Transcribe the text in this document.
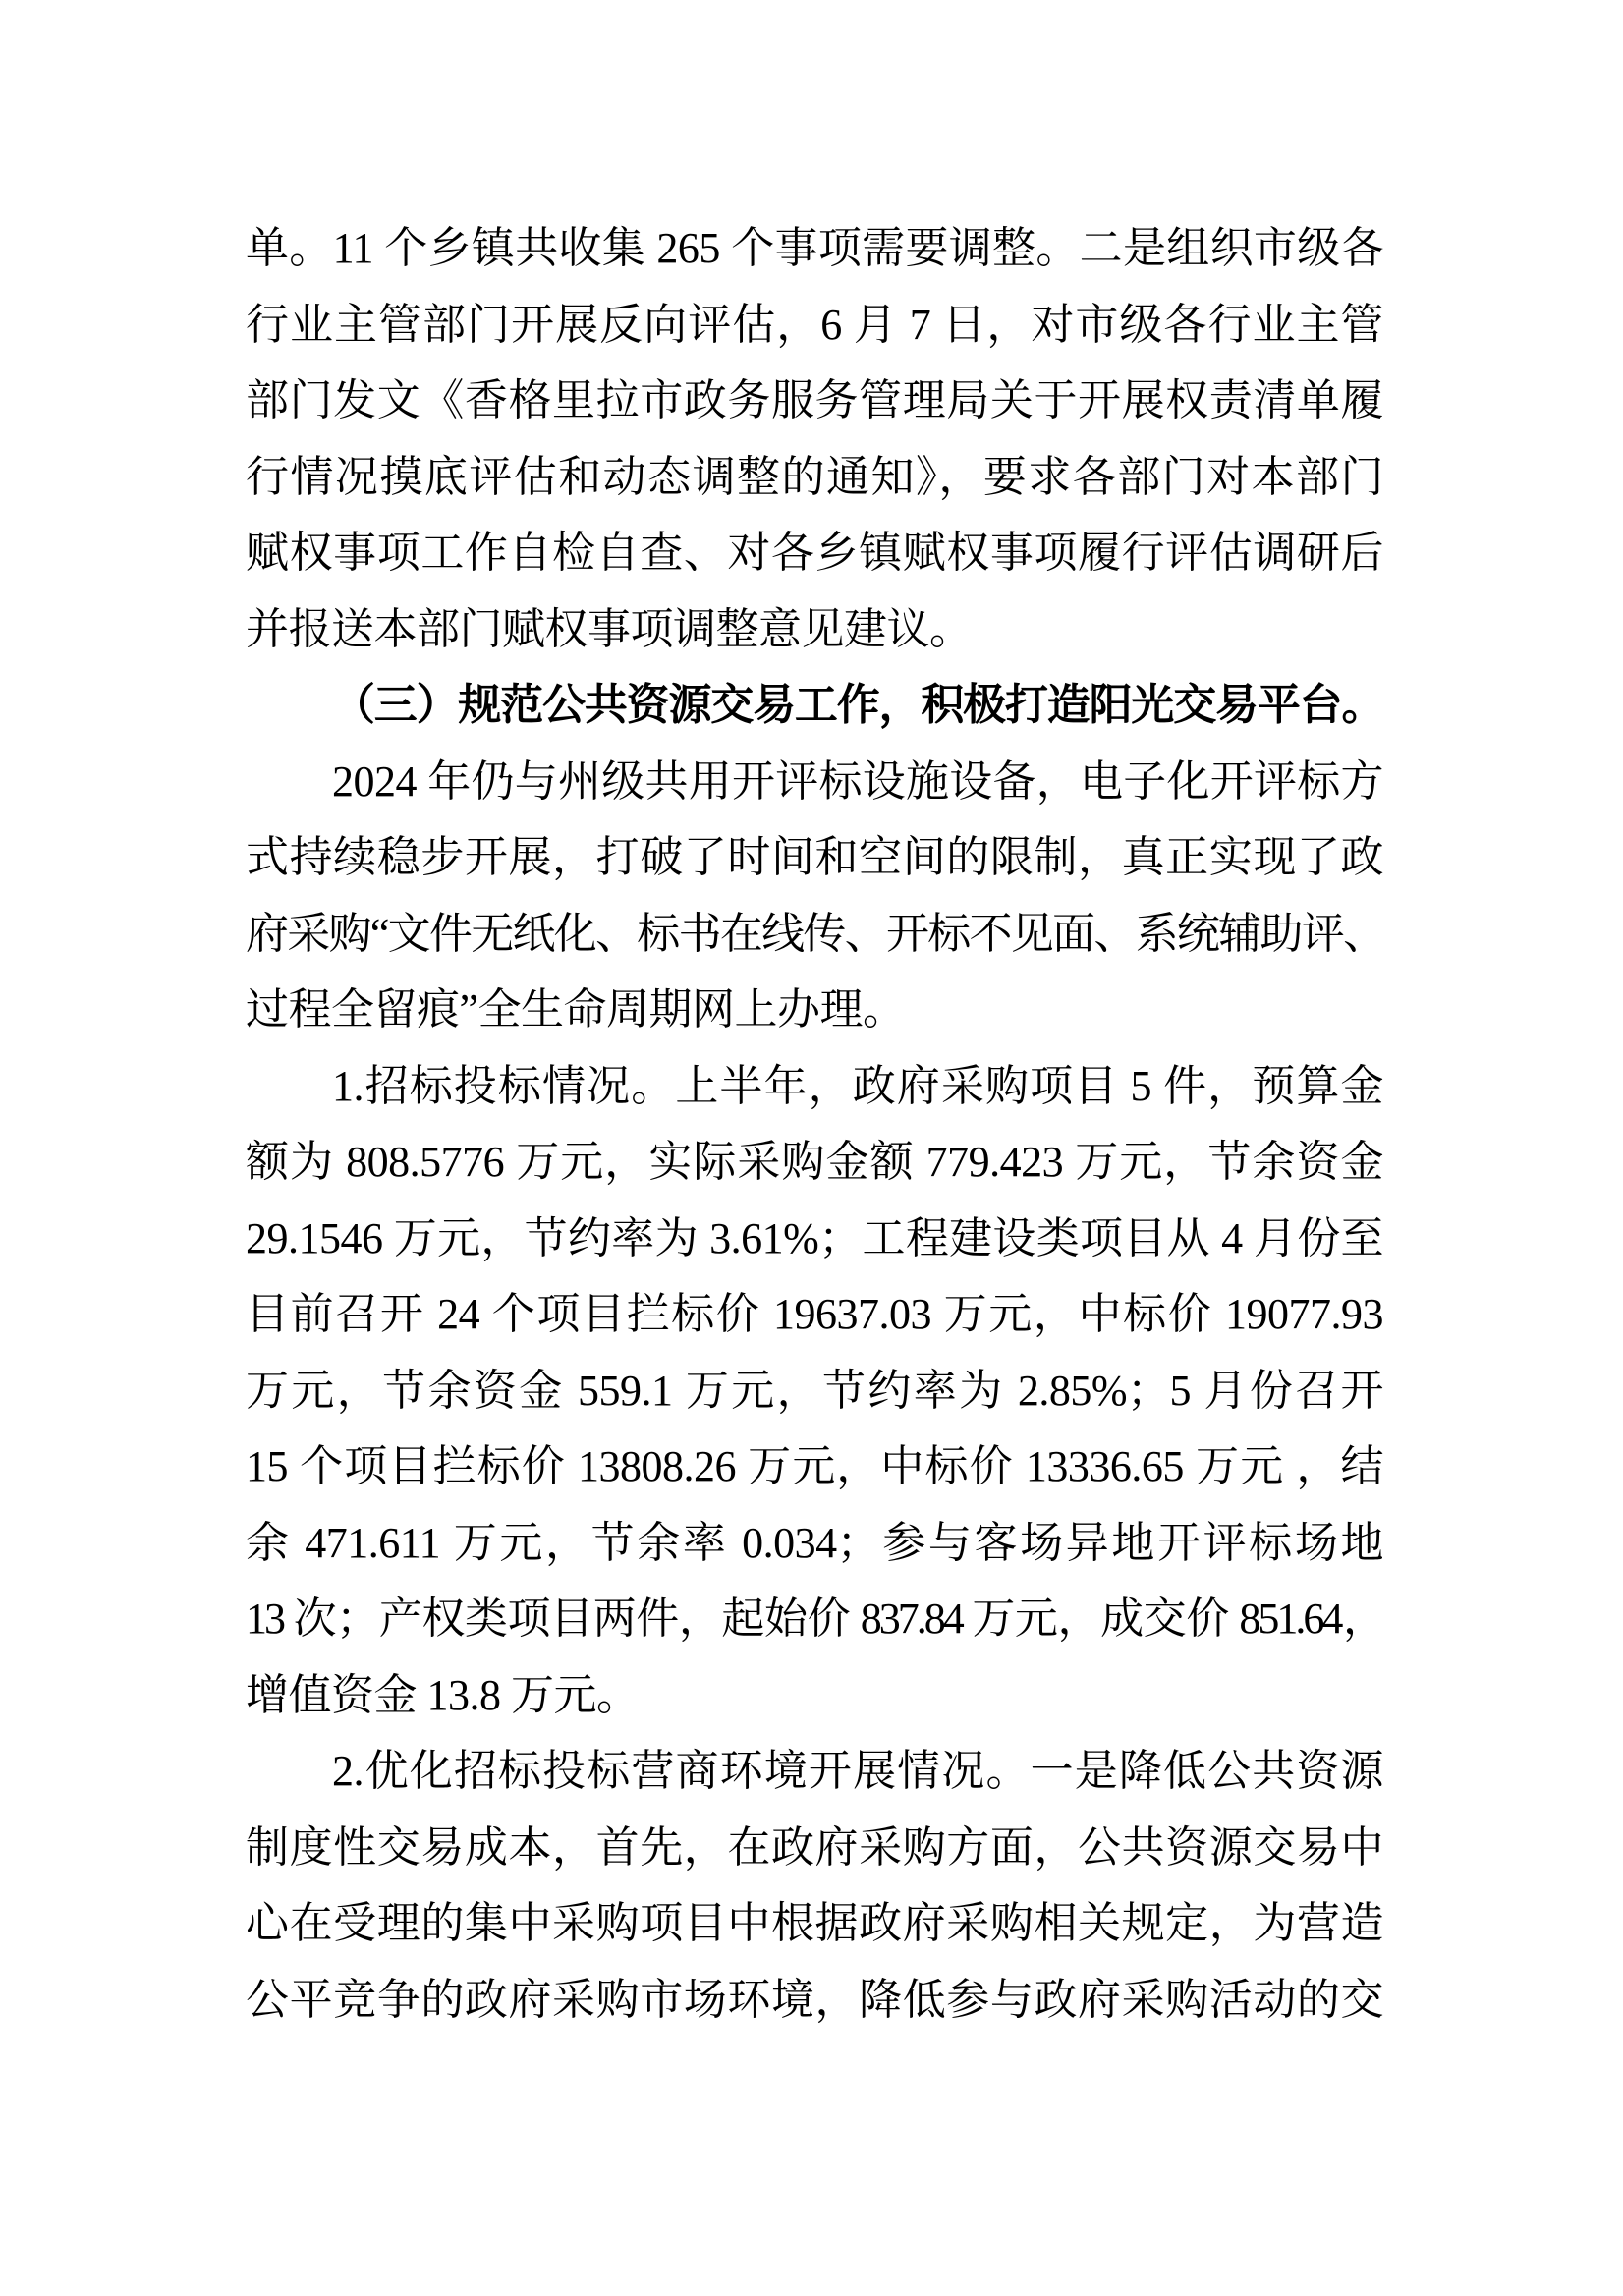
单。11 个乡镇共收集 265 个事项需要调整。二是组织市级各
行业主管部门开展反向评估，6 月 7 日，对市级各行业主管
部门发文《香格里拉市政务服务管理局关于开展权责清单履
行情况摸底评估和动态调整的通知》，要求各部门对本部门
赋权事项工作自检自查、对各乡镇赋权事项履行评估调研后
并报送本部门赋权事项调整意见建议。
（三）规范公共资源交易工作，积极打造阳光交易平台。
2024 年仍与州级共用开评标设施设备，电子化开评标方
式持续稳步开展，打破了时间和空间的限制，真正实现了政
府采购“文件无纸化、标书在线传、开标不见面、系统辅助评、
过程全留痕”全生命周期网上办理。
1.招标投标情况。上半年，政府采购项目 5 件，预算金
额为 808.5776 万元，实际采购金额 779.423 万元，节余资金
29.1546 万元，节约率为 3.61%；工程建设类项目从 4 月份至
目前召开 24 个项目拦标价 19637.03 万元，中标价 19077.93
万元，节余资金 559.1 万元，节约率为 2.85%；5 月份召开
15 个项目拦标价 13808.26 万元，中标价 13336.65 万元 ，结
余 471.611 万元，节余率 0.034；参与客场异地开评标场地
13 次；产权类项目两件，起始价 837.84 万元，成交价 851.64，
增值资金 13.8 万元。
2.优化招标投标营商环境开展情况。一是降低公共资源
制度性交易成本，首先，在政府采购方面，公共资源交易中
心在受理的集中采购项目中根据政府采购相关规定，为营造
公平竞争的政府采购市场环境，降低参与政府采购活动的交
